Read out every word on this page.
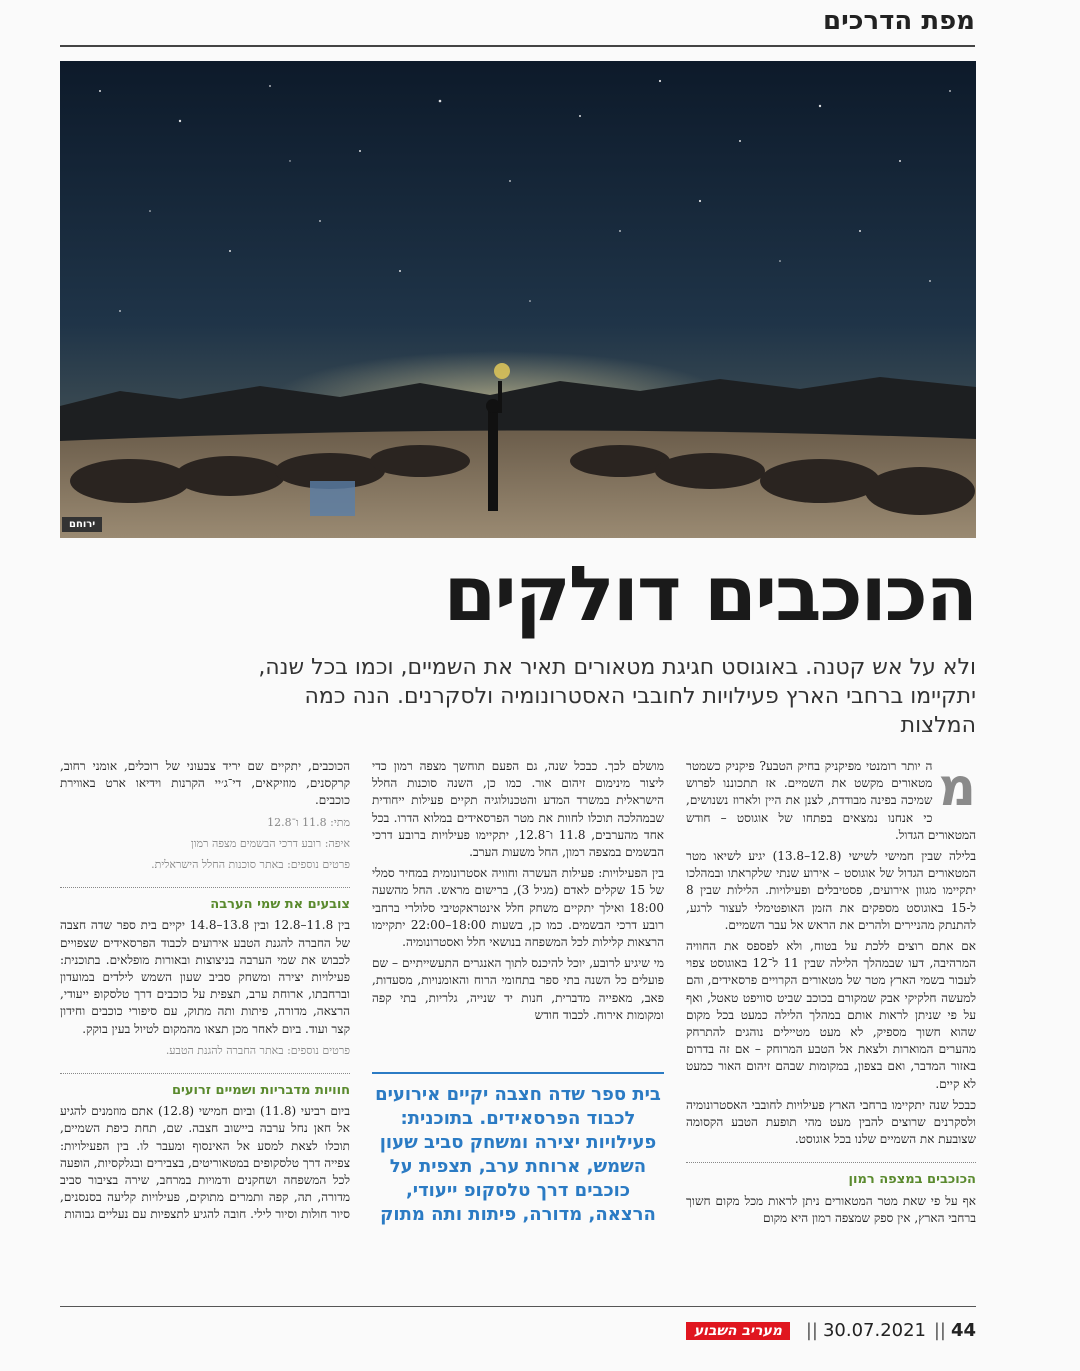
מפת הדרכים
ירוחם
הכוכבים דולקים
ולא על אש קטנה. באוגוסט חגיגת מטאורים תאיר את השמיים, וכמו בכל שנה, יתקיימו ברחבי הארץ פעילויות לחובבי האסטרונומיה ולסקרנים. הנה כמה המלצות
מ

ה יותר רומנטי מפיקניק בחיק הטבע? פיקניק כשמטר מטאורים מקשט את השמיים. אז תתכוננו לפרוש שמיכה בפינה מבודדת, לצנן את היין ולארוז נשנושים, כי אנחנו נמצאים בפתחו של אוגוסט – חודש המטאורים הגדול.

בלילה שבין חמישי לשישי (12.8–13.8) יגיע לשיאו מטר המטאורים הגדול של אוגוסט – אירוע שנתי שלקראתו ובמהלכו יתקיימו מגוון אירועים, פסטיבלים ופעילויות. הלילות שבין 8 ל-15 באוגוסט מספקים את הזמן האופטימלי לעצור לרגע, להתנתק מהניירים ולהרים את הראש אל עבר השמיים.

אם אתם רוצים ללכת על בטוח, ולא לפספס את החוויה המרהיבה, דעו שבמהלך הלילה שבין 11 ל־12 באוגוסט צפוי לעבור בשמי הארץ מטר של מטאורים הקרויים פרסאידים, והם למעשה חלקיקי אבק שמקורם בכוכב שביט סוויפט טאטל, ואף על פי שניתן לראות אותם במהלך הלילה כמעט בכל מקום שהוא חשוך מספיק, לא מעט מטיילים נוהגים להתרחק מהערים המוארות ולצאת אל הטבע המרוחק – אם זה בדרום באזור המדבר, ואם בצפון, במקומות שבהם זיהום האור כמעט לא קיים.

כבכל שנה יתקיימו ברחבי הארץ פעילויות לחובבי האסטרונומיה ולסקרנים שרוצים להבין מעט מהי תופעת הטבע הקסומה שצובעת את השמיים שלנו בכל אוגוסט.

הכוכבים במצפה רמון

אף על פי שאת מטר המטאורים ניתן לראות מכל מקום חשוך ברחבי הארץ, אין ספק שמצפה רמון היא מקום

מושלם לכך. כבכל שנה, גם הפעם תוחשך מצפה רמון כדי ליצור מינימום זיהום אור. כמו כן, השנה סוכנות החלל הישראלית במשרד המדע והטכנולוגיה תקיים פעילות ייחודית שבמהלכה תוכלו לחוות את מטר הפרסאידים במלוא הדרו. בכל אחד מהערבים, 11.8 ו־12.8, יתקיימו פעילויות ברובע דרכי הבשמים במצפה רמון, החל משעות הערב.

בין הפעילויות: פעילות העשרה וחוויה אסטרונומית במחיר סמלי של 15 שקלים לאדם (מגיל 3), ברישום מראש. החל מהשעה 18:00 ואילך יתקיים משחק חלל אינטראקטיבי סלולרי ברחבי רובע דרכי הבשמים. כמו כן, בשעות 18:00–22:00 יתקיימו הרצאות קלילות לכל המשפחה בנושאי חלל ואסטרונומיה.

מי שיגיע לרובע, יוכל להיכנס לתוך האנגרים התעשייתיים – שם פועלים כל השנה בתי ספר בתחומי הרוח והאומנויות, מסעדות, פאב, מאפייה מדברית, חנות יד שנייה, גלריות, בתי קפה ומקומות אירוח. לכבוד חודש

בית ספר שדה חצבה יקיים אירועים לכבוד הפרסאידים. בתוכנית: פעילויות יצירה ומשחק סביב שעון השמש, ארוחת ערב, תצפית על כוכבים דרך טלסקופ ייעודי, הרצאה, מדורה, פיתות ותה מתוק

הכוכבים, יתקיים שם יריד צבעוני של רוכלים, אומני רחוב, קרקסנים, מוזיקאים, די־ג׳יי הקרנות וידיאו ארט באווירת כוכבים.

מתי: 11.8 ו־12.8

איפה: רובע דרכי הבשמים מצפה רמון

פרטים נוספים: באתר סוכנות החלל הישראלית.

צובעים את שמי הערבה

בין 11.8–12.8 ובין 13.8–14.8 יקיים בית ספר שדה חצבה של החברה להגנת הטבע אירועים לכבוד הפרסאידים שצפויים לכבוש את שמי הערבה בניצוצות ובאורות מופלאים. בתוכנית: פעילויות יצירה ומשחק סביב שעון השמש לילדים במועדון וברחבתו, ארוחת ערב, תצפית על כוכבים דרך טלסקופ ייעודי, הרצאה, מדורה, פיתות ותה מתוק, עם סיפורי כוכבים וחידון קצר ועוד. ביום לאחר מכן תצאו מהמקום לטיול בעין בוקק.

פרטים נוספים: באתר החברה להגנת הטבע.

חוויות מדבריות ושמיים זרועים

ביום רביעי (11.8) וביום חמישי (12.8) אתם מוזמנים להגיע אל חאן נחל ערבה ביישוב חצבה. שם, תחת כיפת השמיים, תוכלו לצאת למסע אל האינסוף ומעבר לו. בין הפעילויות: צפייה דרך טלסקופים במטאוריטים, בצבירים ובגלקסיות, הופעה לכל המשפחה ושחקנים ודמויות במרחב, שירה בציבור סביב מדורה, תה, קפה ותמרים מתוקים, פעילויות קליעה בסנסנים, סיור חולות וסיור לילי. חובה להגיע לתצפיות עם נעליים גבוהות

44
||
30.07.2021
||
מעריב השבוע
